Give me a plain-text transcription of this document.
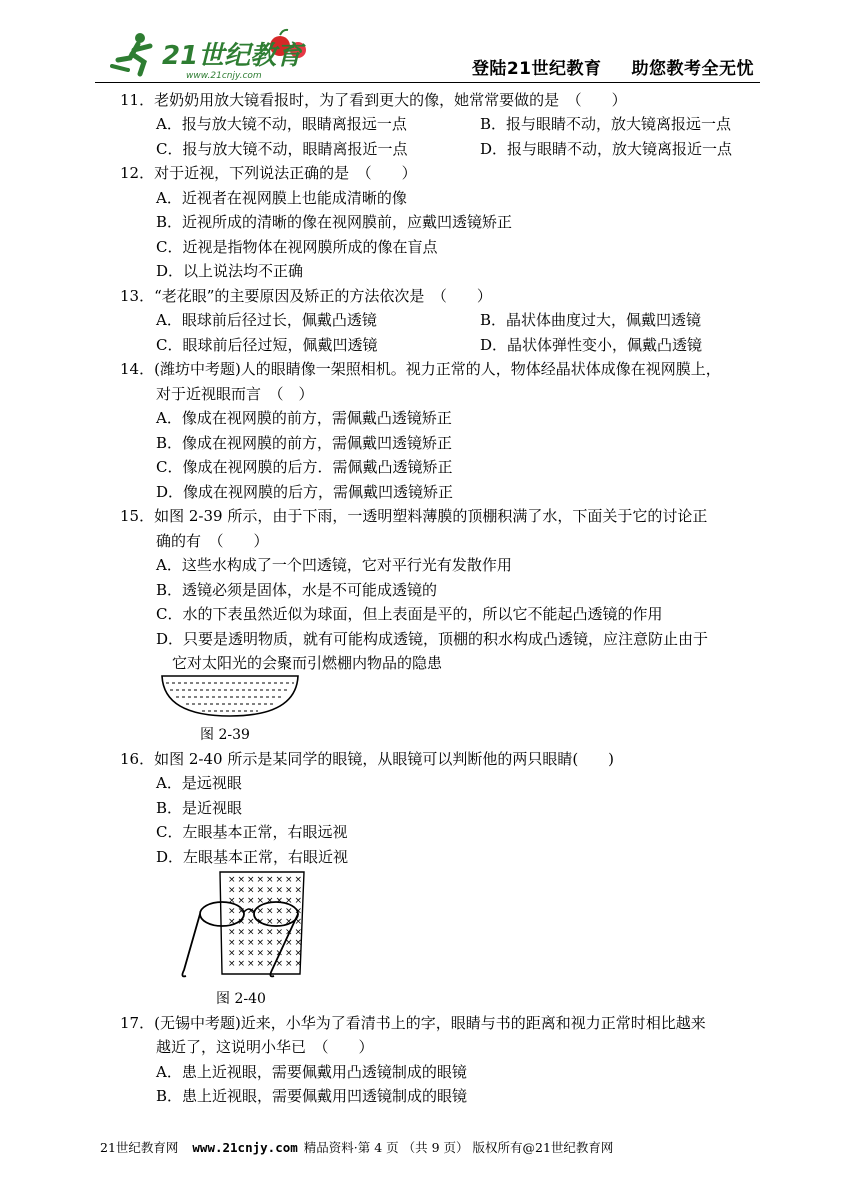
21世纪教育
www.21cnjy.com	登陆21世纪教育 助您教考全无忧
11．老奶奶用放大镜看报时，为了看到更大的像，她常常要做的是　（　　）
A．报与放大镜不动，眼睛离报远一点	B．报与眼睛不动，放大镜离报远一点
C．报与放大镜不动，眼睛离报近一点	D．报与眼睛不动，放大镜离报近一点
12．对于近视，下列说法正确的是　（　　）
A．近视者在视网膜上也能成清晰的像
B．近视所成的清晰的像在视网膜前，应戴凹透镜矫正
C．近视是指物体在视网膜所成的像在盲点
D．以上说法均不正确
13．“老花眼”的主要原因及矫正的方法依次是　（　　）
A．眼球前后径过长，佩戴凸透镜	B．晶状体曲度过大，佩戴凹透镜
C．眼球前后径过短，佩戴凹透镜	D．晶状体弹性变小，佩戴凸透镜
14．(潍坊中考题)人的眼睛像一架照相机。视力正常的人，物体经晶状体成像在视网膜上，
对于近视眼而言　（　）
A．像成在视网膜的前方，需佩戴凸透镜矫正
B．像成在视网膜的前方，需佩戴凹透镜矫正
C．像成在视网膜的后方．需佩戴凸透镜矫正
D．像成在视网膜的后方，需佩戴凹透镜矫正
15．如图 2-39 所示，由于下雨，一透明塑料薄膜的顶棚积满了水，下面关于它的讨论正
确的有　（　　）
A．这些水构成了一个凹透镜，它对平行光有发散作用
B．透镜必须是固体，水是不可能成透镜的
C．水的下表虽然近似为球面，但上表面是平的，所以它不能起凸透镜的作用
D．只要是透明物质，就有可能构成透镜，顶棚的积水构成凸透镜，应注意防止由于
它对太阳光的会聚而引燃棚内物品的隐患
图 2-39
16．如图 2-40 所示是某同学的眼镜，从眼镜可以判断他的两只眼睛(　　)
A．是远视眼
B．是近视眼
C．左眼基本正常，右眼远视
D．左眼基本正常，右眼近视
× × × × × × × ×
× × × × × × × ×
× × × × × × × ×
× × × × × × × ×
× × × × × × × ×
× × × × × × × ×
× × × × × × × ×
× × × × × × × ×
× × × × × × × ×
图 2-40
17．(无锡中考题)近来，小华为了看清书上的字，眼睛与书的距离和视力正常时相比越来
越近了，这说明小华已　（　　）
A．患上近视眼，需要佩戴用凸透镜制成的眼镜
B．患上近视眼，需要佩戴用凹透镜制成的眼镜
21世纪教育网 www.21cnjy.com 精品资料·第 4 页 （共 9 页） 版权所有@21世纪教育网
